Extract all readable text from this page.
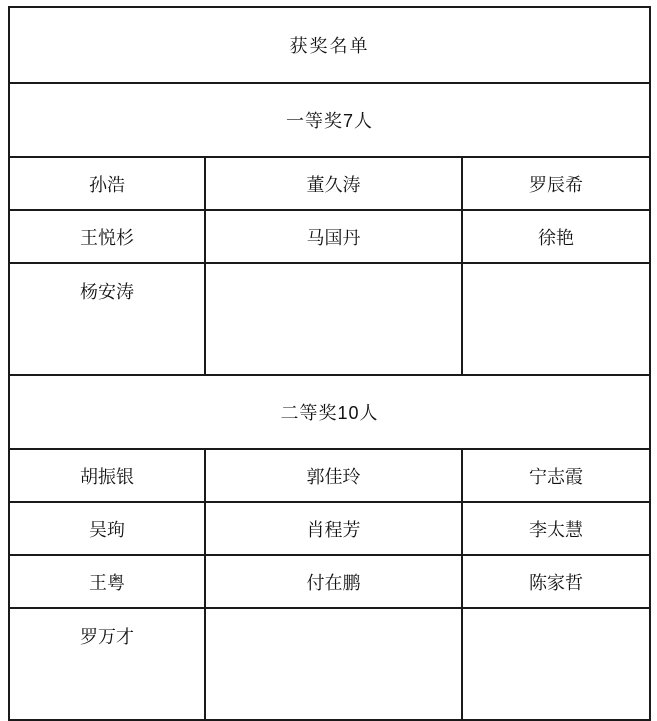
获奖名单		
一等奖7人		
孙浩	董久涛	罗辰希
王悦杉	马国丹	徐艳
杨安涛		
二等奖10人		
胡振银	郭佳玲	宁志霞
吴珣	肖程芳	李太慧
王粤	付在鹏	陈家哲
罗万才		
